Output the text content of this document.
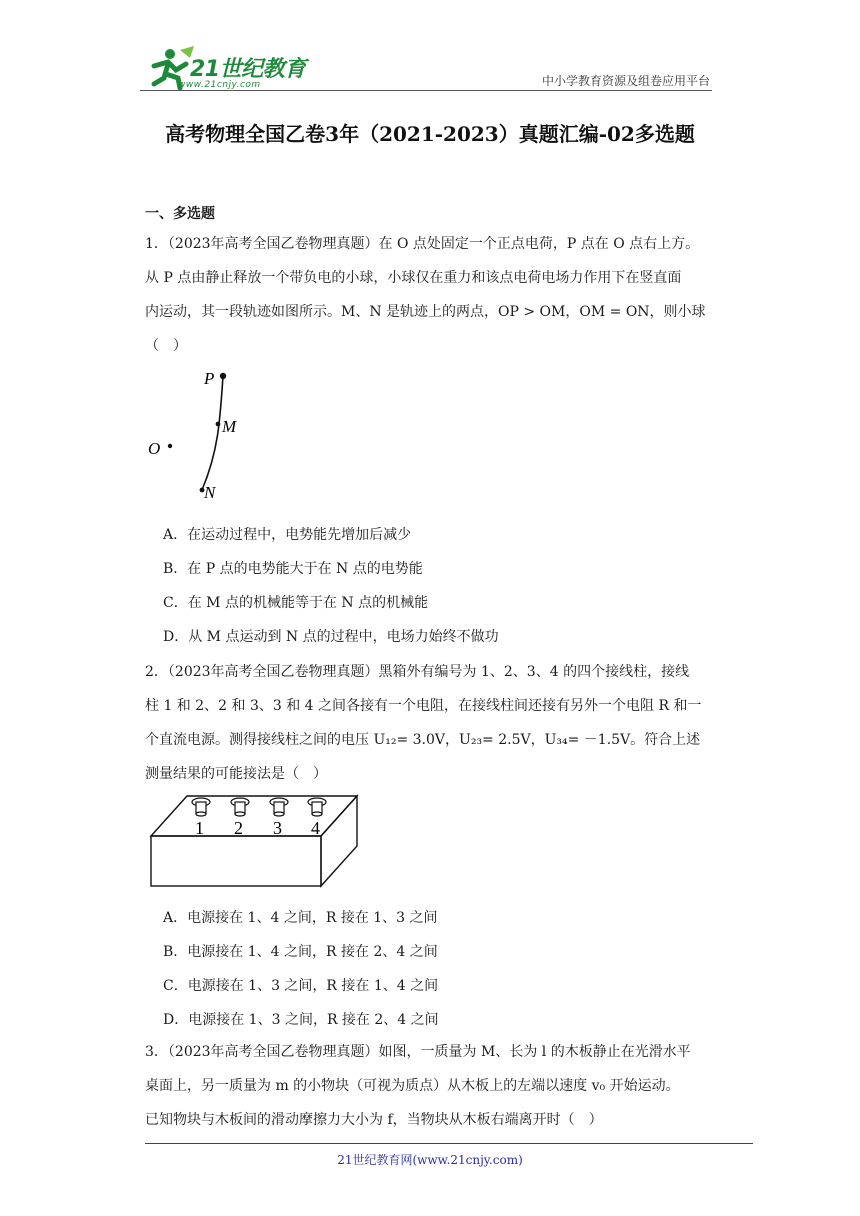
21世纪教育
www.21cnjy.com	中小学教育资源及组卷应用平台
高考物理全国乙卷3年（2021-2023）真题汇编-02多选题
一、多选题
1．（2023年高考全国乙卷物理真题）在 O 点处固定一个正点电荷，P 点在 O 点右上方。
从 P 点由静止释放一个带负电的小球，小球仅在重力和该点电荷电场力作用下在竖直面
内运动，其一段轨迹如图所示。M、N 是轨迹上的两点，OP > OM，OM = ON，则小球
（　）
P
M
O
N
A．在运动过程中，电势能先增加后减少
B．在 P 点的电势能大于在 N 点的电势能
C．在 M 点的机械能等于在 N 点的机械能
D．从 M 点运动到 N 点的过程中，电场力始终不做功
2．（2023年高考全国乙卷物理真题）黑箱外有编号为 1、2、3、4 的四个接线柱，接线
柱 1 和 2、2 和 3、3 和 4 之间各接有一个电阻，在接线柱间还接有另外一个电阻 R 和一
个直流电源。测得接线柱之间的电压 U₁₂= 3.0V，U₂₃= 2.5V，U₃₄= －1.5V。符合上述
测量结果的可能接法是（　）
1 2 3 4
A．电源接在 1、4 之间，R 接在 1、3 之间
B．电源接在 1、4 之间，R 接在 2、4 之间
C．电源接在 1、3 之间，R 接在 1、4 之间
D．电源接在 1、3 之间，R 接在 2、4 之间
3．（2023年高考全国乙卷物理真题）如图，一质量为 M、长为 l 的木板静止在光滑水平
桌面上，另一质量为 m 的小物块（可视为质点）从木板上的左端以速度 v₀ 开始运动。
已知物块与木板间的滑动摩擦力大小为 f，当物块从木板右端离开时（　）
21世纪教育网(www.21cnjy.com)
